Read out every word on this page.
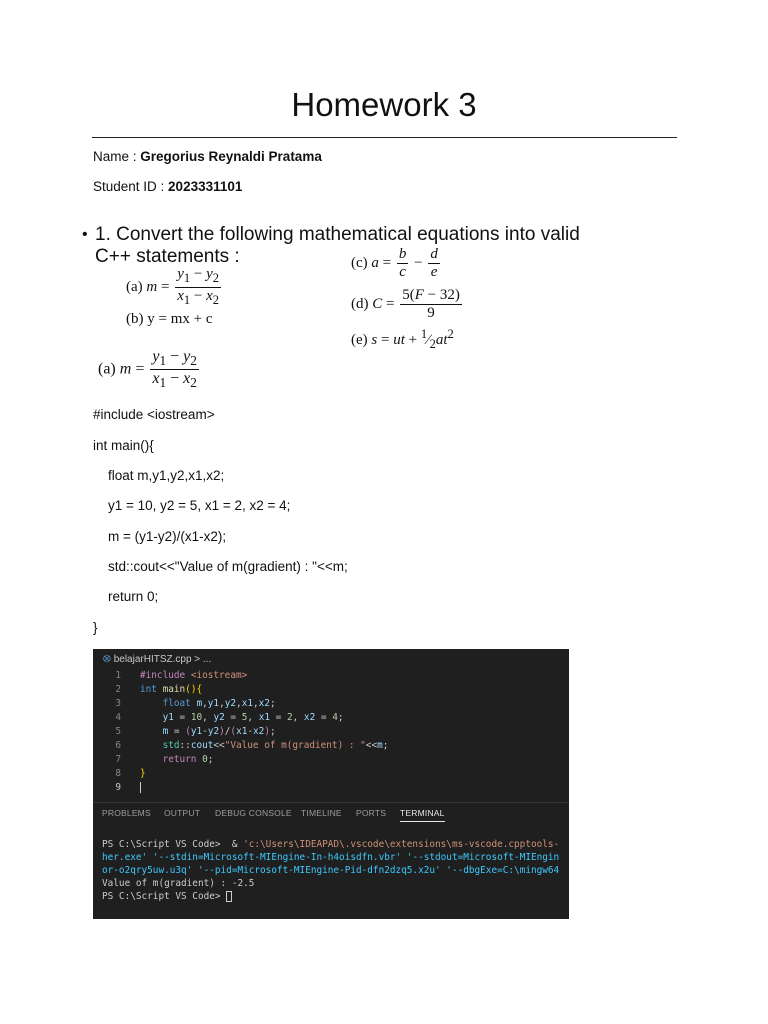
Homework 3
Name : Gregorius Reynaldi Pratama
Student ID : 2023331101
• 1. Convert the following mathematical equations into valid
C++ statements :
(a) $m = \frac{y_1 - y_2}{x_1 - x_2}$
(b) y = mx + c
(c) $a = \frac{b}{c} - \frac{d}{e}$
(d) $C = \frac{5(F - 32)}{9}$
(e) s = ut + $^1⁄_2at^2$
(a) $m = \frac{y_1 - y_2}{x_1 - x_2}$
#include <iostream>
int main(){
float m,y1,y2,x1,x2;
y1 = 10, y2 = 5, x1 = 2, x2 = 4;
m = (y1-y2)/(x1-x2);
std::cout<<"Value of m(gradient) : "<<m;
return 0;
}
⭙ belajarHITSZ.cpp > ...
1
2
3
4
5
6
7
8
9
#include <iostream>
int main(){
float m,y1,y2,x1,x2;
y1 = 10, y2 = 5, x1 = 2, x2 = 4;
m = (y1-y2)/(x1-x2);
std::cout<<"Value of m(gradient) : "<<m;
return 0;
}
PROBLEMS OUTPUT DEBUG CONSOLE TIMELINE PORTS TERMINAL
PS C:\Script VS Code>  & 'c:\Users\IDEAPAD\.vscode\extensions\ms-vscode.cpptools-
her.exe' '--stdin=Microsoft-MIEngine-In-h4oisdfn.vbr' '--stdout=Microsoft-MIEngin
or-o2qry5uw.u3q' '--pid=Microsoft-MIEngine-Pid-dfn2dzq5.x2u' '--dbgExe=C:\mingw64
Value of m(gradient) : -2.5
PS C:\Script VS Code>
